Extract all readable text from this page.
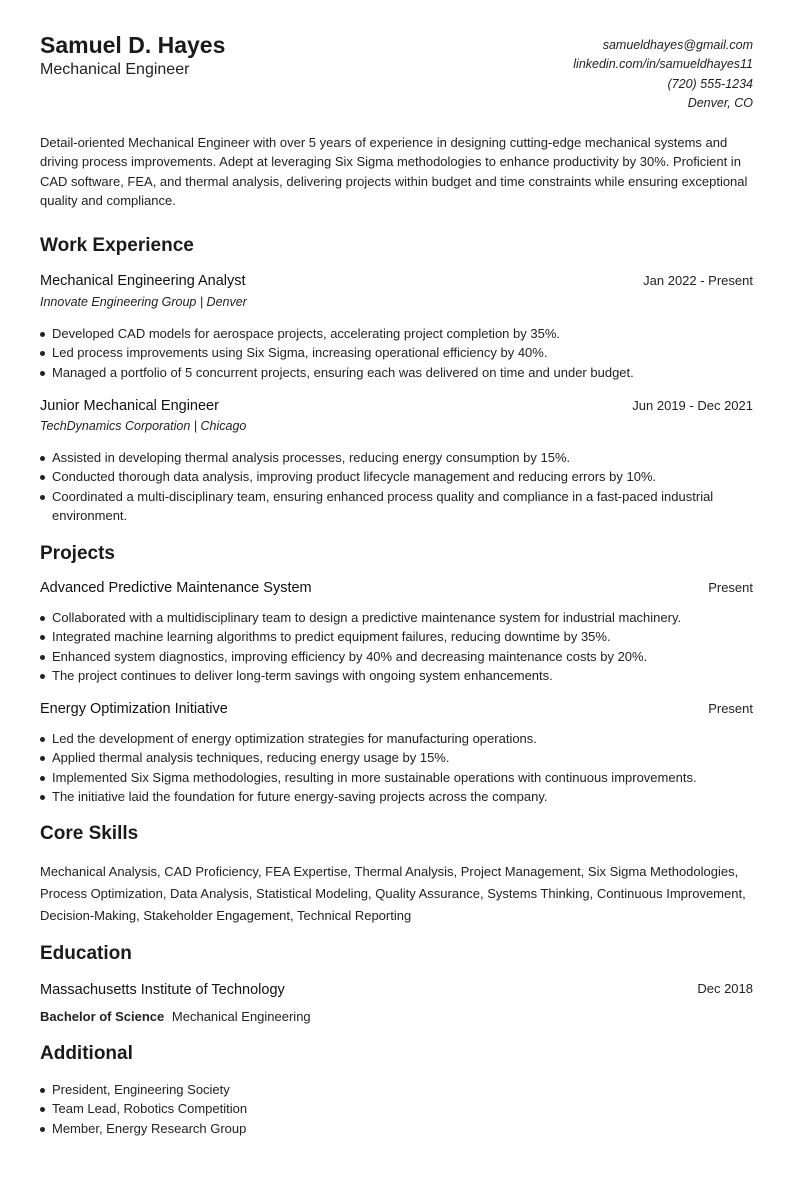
Samuel D. Hayes
Mechanical Engineer
samueldhayes@gmail.com
linkedin.com/in/samueldhayes11
(720) 555-1234
Denver, CO

Detail-oriented Mechanical Engineer with over 5 years of experience in designing cutting-edge mechanical systems and driving process improvements. Adept at leveraging Six Sigma methodologies to enhance productivity by 30%. Proficient in CAD software, FEA, and thermal analysis, delivering projects within budget and time constraints while ensuring exceptional quality and compliance.

Work Experience
Mechanical Engineering Analyst	Jan 2022 - Present
Innovate Engineering Group | Denver
Developed CAD models for aerospace projects, accelerating project completion by 35%.
Led process improvements using Six Sigma, increasing operational efficiency by 40%.
Managed a portfolio of 5 concurrent projects, ensuring each was delivered on time and under budget.
Junior Mechanical Engineer	Jun 2019 - Dec 2021
TechDynamics Corporation | Chicago
Assisted in developing thermal analysis processes, reducing energy consumption by 15%.
Conducted thorough data analysis, improving product lifecycle management and reducing errors by 10%.
Coordinated a multi-disciplinary team, ensuring enhanced process quality and compliance in a fast-paced industrial environment.
Projects
Advanced Predictive Maintenance System	Present
Collaborated with a multidisciplinary team to design a predictive maintenance system for industrial machinery.
Integrated machine learning algorithms to predict equipment failures, reducing downtime by 35%.
Enhanced system diagnostics, improving efficiency by 40% and decreasing maintenance costs by 20%.
The project continues to deliver long-term savings with ongoing system enhancements.
Energy Optimization Initiative	Present
Led the development of energy optimization strategies for manufacturing operations.
Applied thermal analysis techniques, reducing energy usage by 15%.
Implemented Six Sigma methodologies, resulting in more sustainable operations with continuous improvements.
The initiative laid the foundation for future energy-saving projects across the company.
Core Skills

Mechanical Analysis, CAD Proficiency, FEA Expertise, Thermal Analysis, Project Management, Six Sigma Methodologies, Process Optimization, Data Analysis, Statistical Modeling, Quality Assurance, Systems Thinking, Continuous Improvement, Decision-Making, Stakeholder Engagement, Technical Reporting

Education
Massachusetts Institute of Technology	Dec 2018
Bachelor of Science Mechanical Engineering
Additional
President, Engineering Society
Team Lead, Robotics Competition
Member, Energy Research Group
